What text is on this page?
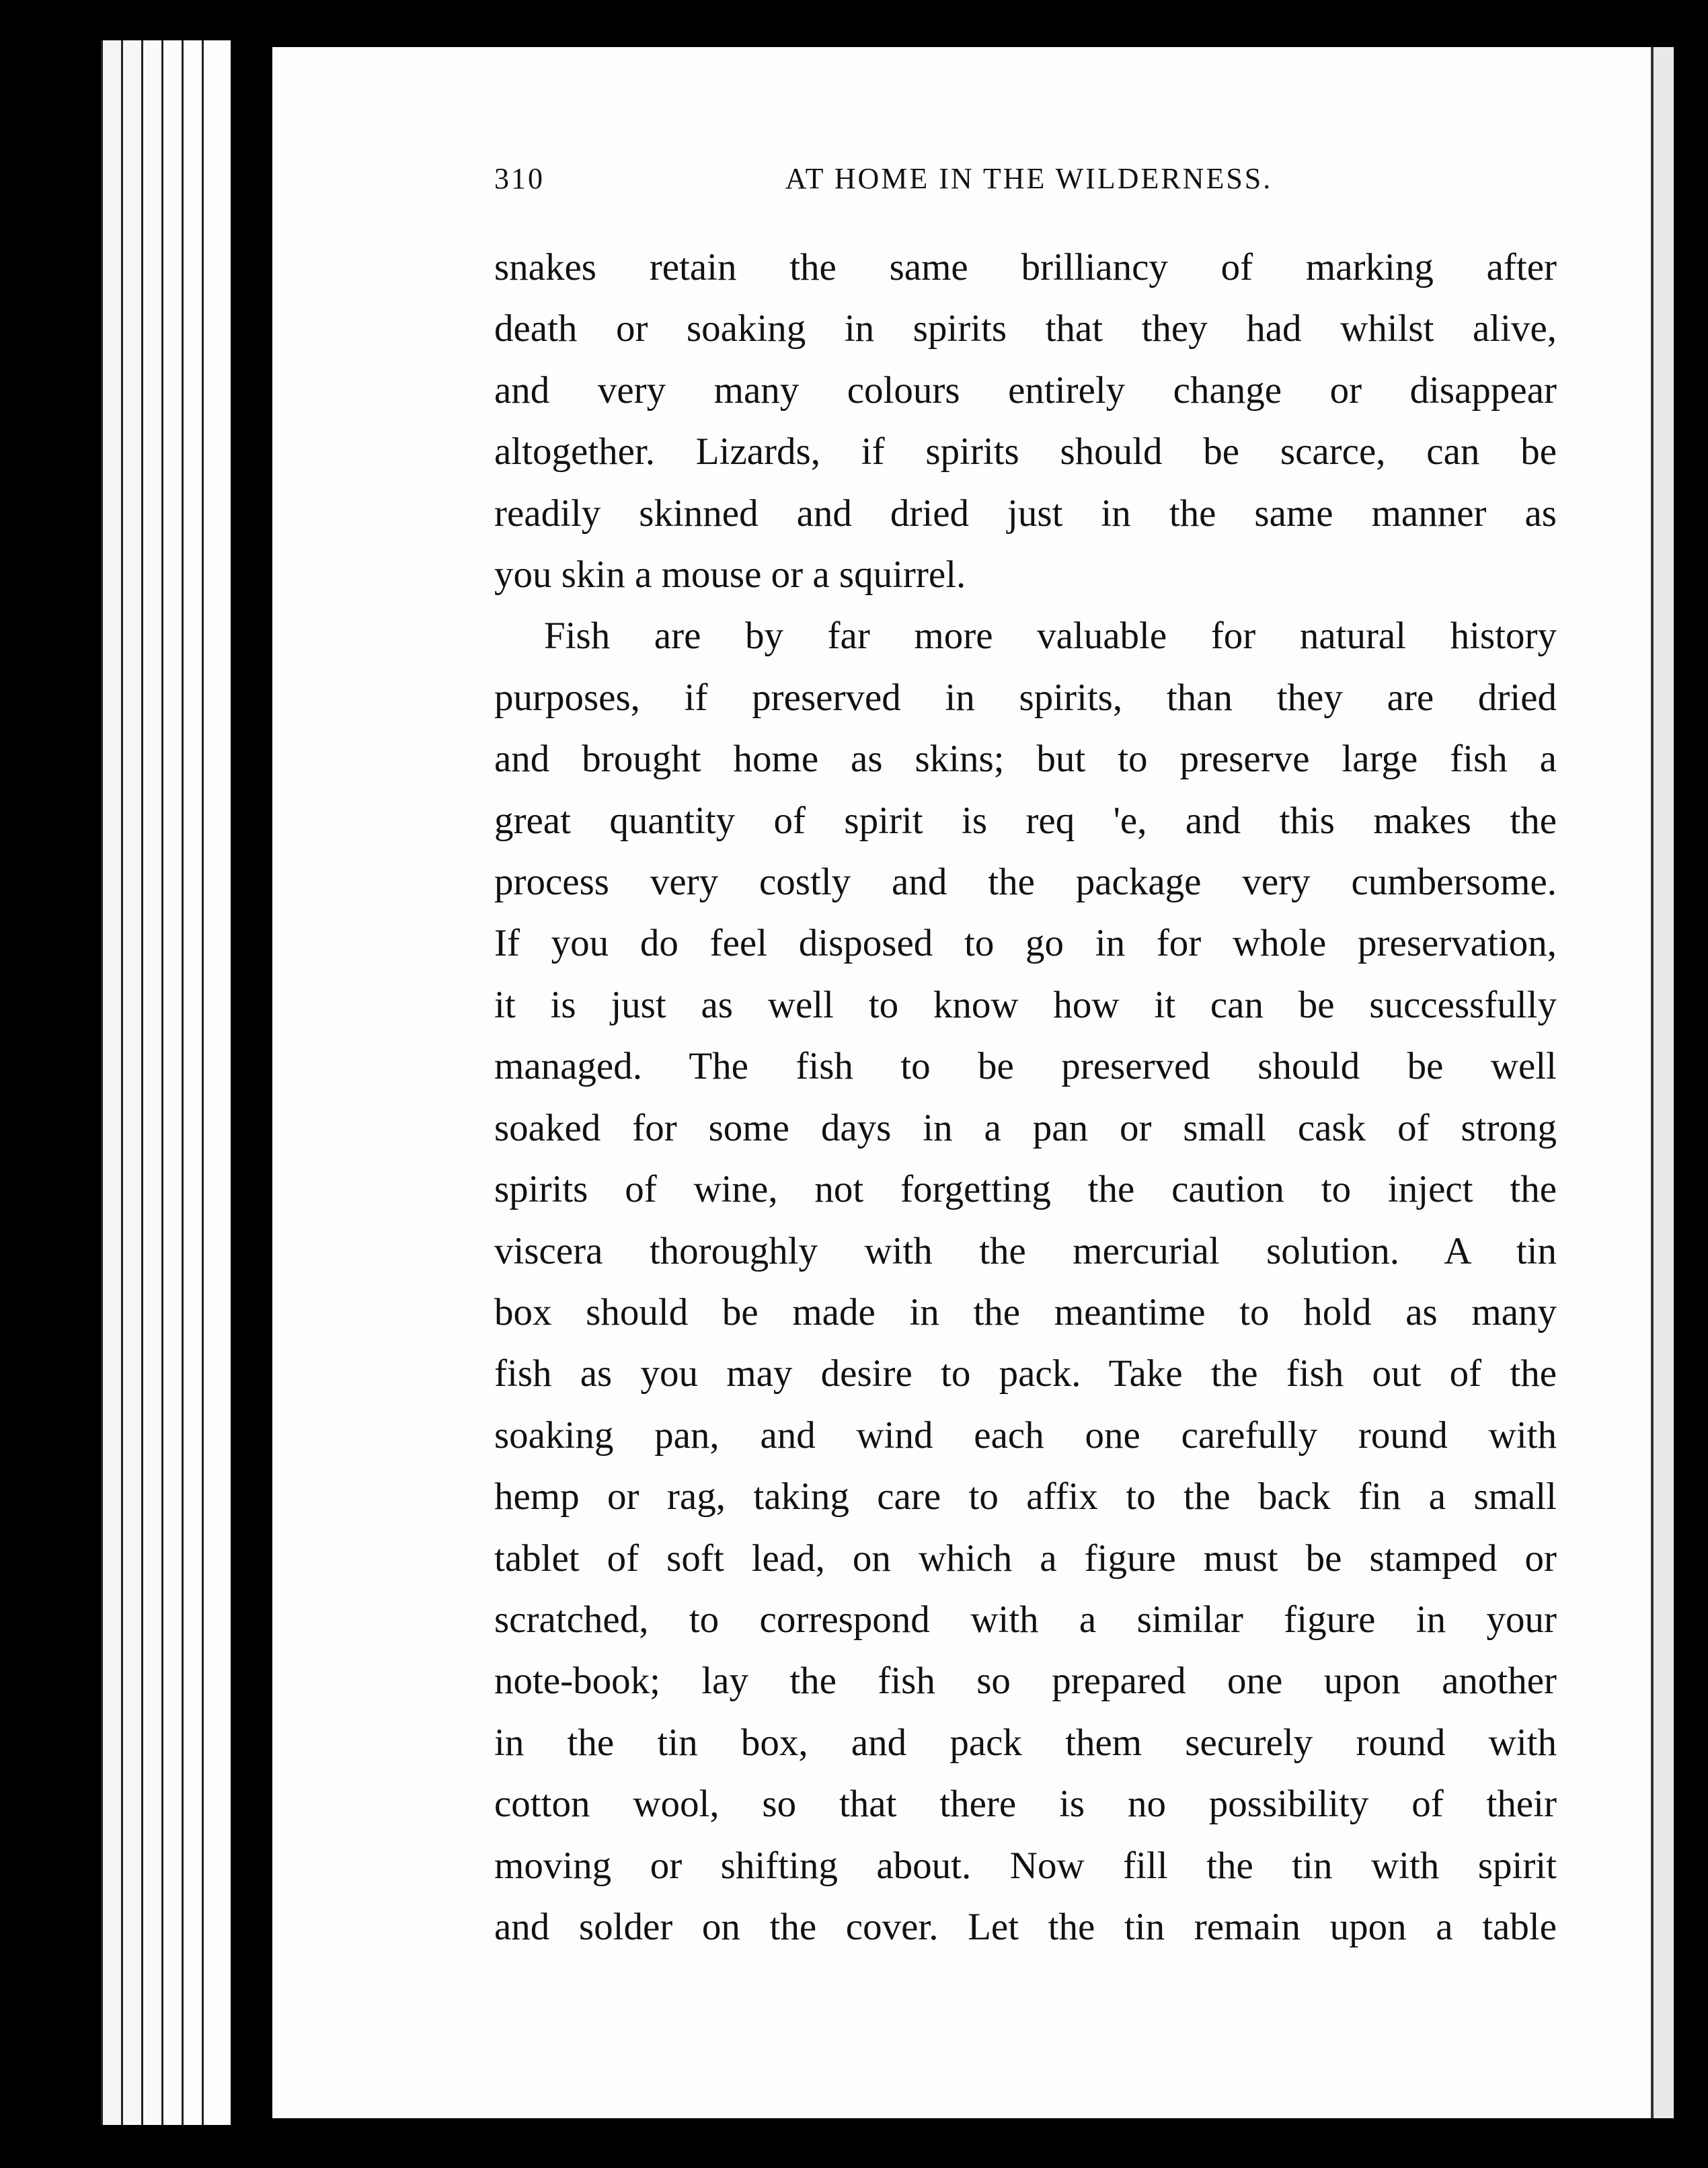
310	AT HOME IN THE WILDERNESS.
snakes retain the same brilliancy of marking after
death or soaking in spirits that they had whilst alive,
and very many colours entirely change or disappear
altogether. Lizards, if spirits should be scarce, can be
readily skinned and dried just in the same manner as
you skin a mouse or a squirrel.
Fish are by far more valuable for natural history
purposes, if preserved in spirits, than they are dried
and brought home as skins; but to preserve large fish a
great quantity of spirit is req 'e, and this makes the
process very costly and the package very cumbersome.
If you do feel disposed to go in for whole preservation,
it is just as well to know how it can be successfully
managed. The fish to be preserved should be well
soaked for some days in a pan or small cask of strong
spirits of wine, not forgetting the caution to inject the
viscera thoroughly with the mercurial solution. A tin
box should be made in the meantime to hold as many
fish as you may desire to pack. Take the fish out of the
soaking pan, and wind each one carefully round with
hemp or rag, taking care to affix to the back fin a small
tablet of soft lead, on which a figure must be stamped or
scratched, to correspond with a similar figure in your
note-book; lay the fish so prepared one upon another
in the tin box, and pack them securely round with
cotton wool, so that there is no possibility of their
moving or shifting about. Now fill the tin with spirit
and solder on the cover. Let the tin remain upon a table
